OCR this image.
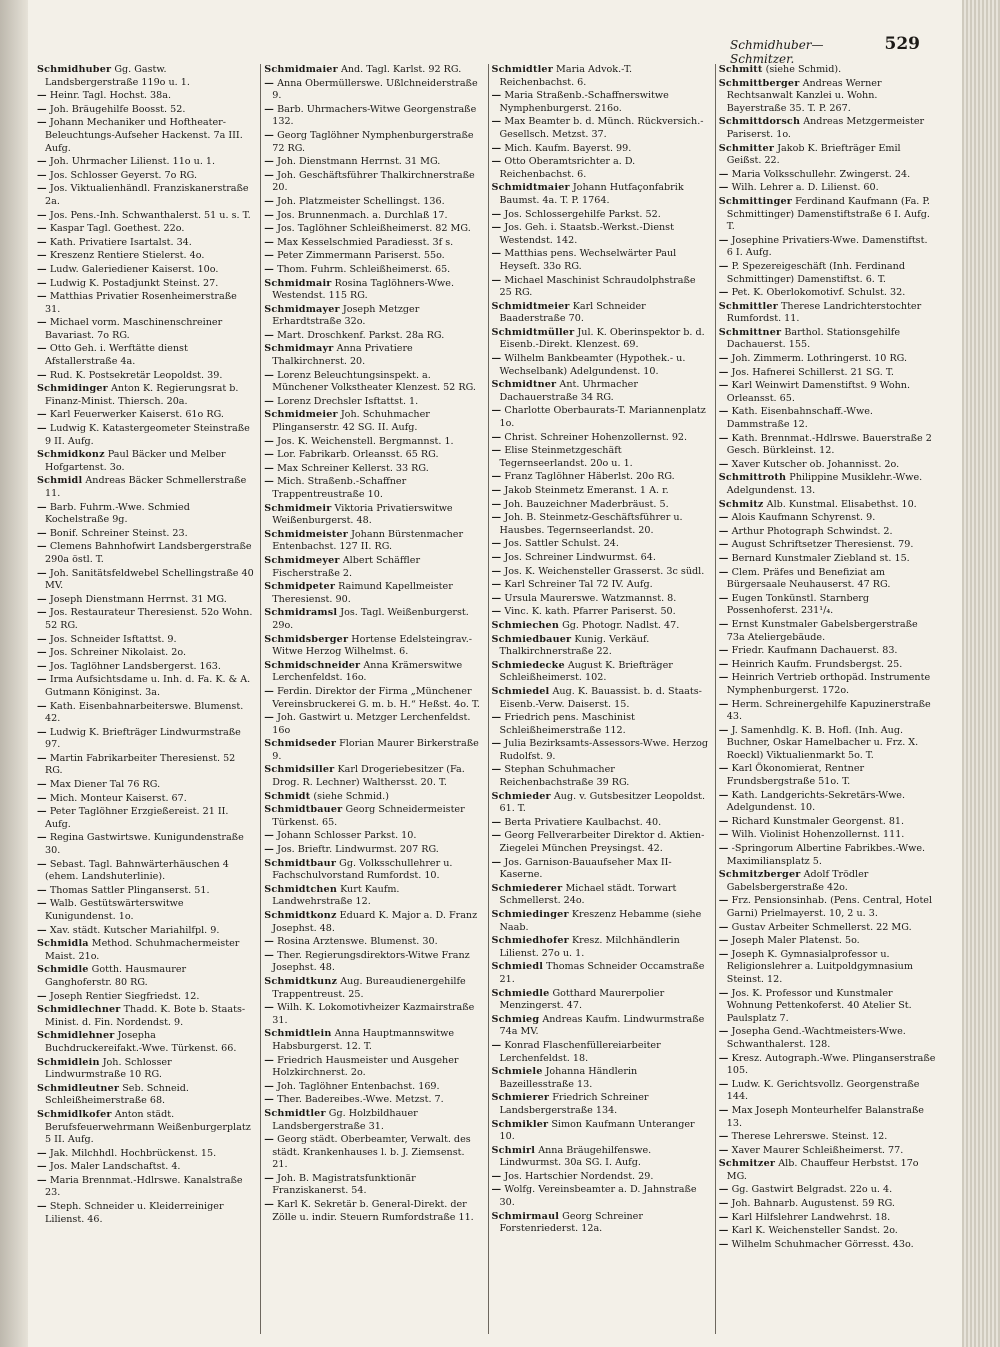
Schmidhuber—Schmitzer.
529
Schmidhuber Gg. Gastw. Landsbergerstraße 119o u. 1.
— Heinr. Tagl. Hochst. 38a.
— Joh. Bräugehilfe Boosst. 52.
— Johann Mechaniker und Hoftheater-Beleuchtungs-Aufseher Hackenst. 7a III. Aufg.
— Joh. Uhrmacher Lilienst. 11o u. 1.
— Jos. Schlosser Geyerst. 7o RG.
— Jos. Viktualienhändl. Franziskanerstraße 2a.
— Jos. Pens.-Inh. Schwanthalerst. 51 u. s. T.
— Kaspar Tagl. Goethest. 22o.
— Kath. Privatiere Isartalst. 34.
— Kreszenz Rentiere Stielerst. 4o.
— Ludw. Galeriediener Kaiserst. 10o.
— Ludwig K. Postadjunkt Steinst. 27.
— Matthias Privatier Rosenheimerstraße 31.
— Michael vorm. Maschinenschreiner Bavariast. 7o RG.
— Otto Geh. i. Werftätte dienst Afstallerstraße 4a.
— Rud. K. Postsekretär Leopoldst. 39.
Schmidinger Anton K. Regierungsrat b. Finanz-Minist. Thiersch. 20a.
— Karl Feuerwerker Kaiserst. 61o RG.
— Ludwig K. Katastergeometer Steinstraße 9 II. Aufg.
Schmidkonz Paul Bäcker und Melber Hofgartenst. 3o.
Schmidl Andreas Bäcker Schmellerstraße 11.
— Barb. Fuhrm.-Wwe. Schmied Kochelstraße 9g.
— Bonif. Schreiner Steinst. 23.
— Clemens Bahnhofwirt Landsbergerstraße 290a östl. T.
— Joh. Sanitätsfeldwebel Schellingstraße 40 MV.
— Joseph Dienstmann Herrnst. 31 MG.
— Jos. Restaurateur Theresienst. 52o Wohn. 52 RG.
— Jos. Schneider Isftattst. 9.
— Jos. Schreiner Nikolaist. 2o.
— Jos. Taglöhner Landsbergerst. 163.
— Irma Aufsichtsdame u. Inh. d. Fa. K. & A. Gutmann Königinst. 3a.
— Kath. Eisenbahnarbeiterswe. Blumenst. 42.
— Ludwig K. Briefträger Lindwurmstraße 97.
— Martin Fabrikarbeiter Theresienst. 52 RG.
— Max Diener Tal 76 RG.
— Mich. Monteur Kaiserst. 67.
— Peter Taglöhner Erzgießereist. 21 II. Aufg.
— Regina Gastwirtswe. Kunigundenstraße 30.
— Sebast. Tagl. Bahnwärterhäuschen 4 (ehem. Landshuterlinie).
— Thomas Sattler Plinganserst. 51.
— Walb. Gestütswärterswitwe Kunigundenst. 1o.
— Xav. städt. Kutscher Mariahilfpl. 9.
Schmidla Method. Schuhmachermeister Maist. 21o.
Schmidle Gotth. Hausmaurer Ganghoferstr. 80 RG.
— Joseph Rentier Siegfriedst. 12.
Schmidlechner Thadd. K. Bote b. Staats-Minist. d. Fin. Nordendst. 9.
Schmidlehner Josepha Buchdruckereifakt.-Wwe. Türkenst. 66.
Schmidlein Joh. Schlosser Lindwurmstraße 10 RG.
Schmidleutner Seb. Schneid. Schleißheimerstraße 68.
Schmidlkofer Anton städt. Berufsfeuerwehrmann Weißenburgerplatz 5 II. Aufg.
— Jak. Milchhdl. Hochbrückenst. 15.
— Jos. Maler Landschaftst. 4.
— Maria Brennmat.-Hdlrswe. Kanalstraße 23.
— Steph. Schneider u. Kleiderreiniger Lilienst. 46.
Schmidmaier And. Tagl. Karlst. 92 RG.
— Anna Obermüllerswe. Ußlchneiderstraße 9.
— Barb. Uhrmachers-Witwe Georgenstraße 132.
— Georg Taglöhner Nymphenburgerstraße 72 RG.
— Joh. Dienstmann Herrnst. 31 MG.
— Joh. Geschäftsführer Thalkirchnerstraße 20.
— Joh. Platzmeister Schellingst. 136.
— Jos. Brunnenmach. a. Durchlaß 17.
— Jos. Taglöhner Schleißheimerst. 82 MG.
— Max Kesselschmied Paradiesst. 3f s.
— Peter Zimmermann Pariserst. 55o.
— Thom. Fuhrm. Schleißheimerst. 65.
Schmidmair Rosina Taglöhners-Wwe. Westendst. 115 RG.
Schmidmayer Joseph Metzger Erhardtstraße 32o.
— Mart. Droschkenf. Parkst. 28a RG.
Schmidmayr Anna Privatiere Thalkirchnerst. 20.
— Lorenz Beleuchtungsinspekt. a. Münchener Volkstheater Klenzest. 52 RG.
— Lorenz Drechsler Isftattst. 1.
Schmidmeier Joh. Schuhmacher Plinganserstr. 42 SG. II. Aufg.
— Jos. K. Weichenstell. Bergmannst. 1.
— Lor. Fabrikarb. Orleansst. 65 RG.
— Max Schreiner Kellerst. 33 RG.
— Mich. Straßenb.-Schaffner Trappentreustraße 10.
Schmidmeir Viktoria Privatierswitwe Weißenburgerst. 48.
Schmidmeister Johann Bürstenmacher Entenbachst. 127 II. RG.
Schmidmeyer Albert Schäffler Fischerstraße 2.
Schmidpeter Raimund Kapellmeister Theresienst. 90.
Schmidramsl Jos. Tagl. Weißenburgerst. 29o.
Schmidsberger Hortense Edelsteingrav.-Witwe Herzog Wilhelmst. 6.
Schmidschneider Anna Krämerswitwe Lerchenfeldst. 16o.
— Ferdin. Direktor der Firma „Münchener Vereinsbruckerei G. m. b. H.“ Heßst. 4o. T.
— Joh. Gastwirt u. Metzger Lerchenfeldst. 16o
Schmidseder Florian Maurer Birkerstraße 9.
Schmidsiller Karl Drogeriebesitzer (Fa. Drog. R. Lechner) Walthersst. 20. T.
Schmidt (siehe Schmid.)
Schmidtbauer Georg Schneidermeister Türkenst. 65.
— Johann Schlosser Parkst. 10.
— Jos. Brieftr. Lindwurmst. 207 RG.
Schmidtbaur Gg. Volksschullehrer u. Fachschulvorstand Rumfordst. 10.
Schmidtchen Kurt Kaufm. Landwehrstraße 12.
Schmidtkonz Eduard K. Major a. D. Franz Josephst. 48.
— Rosina Arztenswe. Blumenst. 30.
— Ther. Regierungsdirektors-Witwe Franz Josephst. 48.
Schmidtkunz Aug. Bureaudienergehilfe Trappentreust. 25.
— Wilh. K. Lokomotivheizer Kazmairstraße 31.
Schmidtlein Anna Hauptmannswitwe Habsburgerst. 12. T.
— Friedrich Hausmeister und Ausgeher Holzkirchnerst. 2o.
— Joh. Taglöhner Entenbachst. 169.
— Ther. Badereibes.-Wwe. Metzst. 7.
Schmidtler Gg. Holzbildhauer Landsbergerstraße 31.
— Georg städt. Oberbeamter, Verwalt. des städt. Krankenhauses l. b. J. Ziemsenst. 21.
— Joh. B. Magistratsfunktionär Franziskanerst. 54.
— Karl K. Sekretär b. General-Direkt. der Zölle u. indir. Steuern Rumfordstraße 11.
Schmidtler Maria Advok.-T. Reichenbachst. 6.
— Maria Straßenb.-Schaffnerswitwe Nymphenburgerst. 216o.
— Max Beamter b. d. Münch. Rückversich.-Gesellsch. Metzst. 37.
— Mich. Kaufm. Bayerst. 99.
— Otto Oberamtsrichter a. D. Reichenbachst. 6.
Schmidtmaier Johann Hutfaçonfabrik Baumst. 4a. T. P. 1764.
— Jos. Schlossergehilfe Parkst. 52.
— Jos. Geh. i. Staatsb.-Werkst.-Dienst Westendst. 142.
— Matthias pens. Wechselwärter Paul Heyseſt. 33o RG.
— Michael Maschinist Schraudolphstraße 25 RG.
Schmidtmeier Karl Schneider Baaderstraße 70.
Schmidtmüller Jul. K. Oberinspektor b. d. Eisenb.-Direkt. Klenzest. 69.
— Wilhelm Bankbeamter (Hypothek.- u. Wechselbank) Adelgundenst. 10.
Schmidtner Ant. Uhrmacher Dachauerstraße 34 RG.
— Charlotte Oberbaurats-T. Mariannenplatz 1o.
— Christ. Schreiner Hohenzollernst. 92.
— Elise Steinmetzgeschäft Tegernseerlandst. 20o u. 1.
— Franz Taglöhner Häberlst. 20o RG.
— Jakob Steinmetz Emeranst. 1 A. r.
— Joh. Bauzeichner Maderbräust. 5.
— Joh. B. Steinmetz-Geschäftsführer u. Hausbes. Tegernseerlandst. 20.
— Jos. Sattler Schulst. 24.
— Jos. Schreiner Lindwurmst. 64.
— Jos. K. Weichensteller Grasserst. 3c südl.
— Karl Schreiner Tal 72 IV. Aufg.
— Ursula Maurerswe. Watzmannst. 8.
— Vinc. K. kath. Pfarrer Pariserst. 50.
Schmiechen Gg. Photogr. Nadlst. 47.
Schmiedbauer Kunig. Verkäuf. Thalkirchnerstraße 22.
Schmiedecke August K. Briefträger Schleißheimerst. 102.
Schmiedel Aug. K. Bauassist. b. d. Staats-Eisenb.-Verw. Daiserst. 15.
— Friedrich pens. Maschinist Schleißheimerstraße 112.
— Julia Bezirksamts-Assessors-Wwe. Herzog Rudolfst. 9.
— Stephan Schuhmacher Reichenbachstraße 39 RG.
Schmieder Aug. v. Gutsbesitzer Leopoldst. 61. T.
— Berta Privatiere Kaulbachst. 40.
— Georg Fellverarbeiter Direktor d. Aktien-Ziegelei München Preysingst. 42.
— Jos. Garnison-Bauaufseher Max II-Kaserne.
Schmiederer Michael städt. Torwart Schmellerst. 24o.
Schmiedinger Kreszenz Hebamme (siehe Naab.
Schmiedhofer Kresz. Milchhändlerin Lilienst. 27o u. 1.
Schmiedl Thomas Schneider Occamstraße 21.
Schmiedle Gotthard Maurerpolier Menzingerst. 47.
Schmieg Andreas Kaufm. Lindwurmstraße 74a MV.
— Konrad Flaschenfüllereiarbeiter Lerchenfeldst. 18.
Schmiele Johanna Händlerin Bazeillesstraße 13.
Schmierer Friedrich Schreiner Landsbergerstraße 134.
Schmikler Simon Kaufmann Unteranger 10.
Schmirl Anna Bräugehilfenswe. Lindwurmst. 30a SG. I. Aufg.
— Jos. Hartschier Nordendst. 29.
— Wolfg. Vereinsbeamter a. D. Jahnstraße 30.
Schmirmaul Georg Schreiner Forstenriederst. 12a.
Schmitt (siehe Schmid).
Schmittberger Andreas Werner Rechtsanwalt Kanzlei u. Wohn. Bayerstraße 35. T. P. 267.
Schmittdorsch Andreas Metzgermeister Pariserst. 1o.
Schmitter Jakob K. Briefträger Emil Geißst. 22.
— Maria Volksschullehr. Zwingerst. 24.
— Wilh. Lehrer a. D. Lilienst. 60.
Schmittinger Ferdinand Kaufmann (Fa. P. Schmittinger) Damenstiftstraße 6 I. Aufg. T.
— Josephine Privatiers-Wwe. Damenstiftst. 6 I. Aufg.
— P. Spezereigeschäft (Inh. Ferdinand Schmittinger) Damenstiftst. 6. T.
— Pet. K. Oberlokomotivf. Schulst. 32.
Schmittler Therese Landrichterstochter Rumfordst. 11.
Schmittner Barthol. Stationsgehilfe Dachauerst. 155.
— Joh. Zimmerm. Lothringerst. 10 RG.
— Jos. Hafnerei Schillerst. 21 SG. T.
— Karl Weinwirt Damenstiftst. 9 Wohn. Orleansst. 65.
— Kath. Eisenbahnschaff.-Wwe. Dammstraße 12.
— Kath. Brennmat.-Hdlrswe. Bauerstraße 2 Gesch. Bürkleinst. 12.
— Xaver Kutscher ob. Johannisst. 2o.
Schmittroth Philippine Musiklehr.-Wwe. Adelgundenst. 13.
Schmitz Alb. Kunstmal. Elisabethst. 10.
— Alois Kaufmann Schyrenst. 9.
— Arthur Photograph Schwindst. 2.
— August Schriftsetzer Theresienst. 79.
— Bernard Kunstmaler Ziebland st. 15.
— Clem. Präfes und Benefiziat am Bürgersaale Neuhauserst. 47 RG.
— Eugen Tonkünstl. Starnberg Possenhoferst. 231¹/₄.
— Ernst Kunstmaler Gabelsbergerstraße 73a Ateliergebäude.
— Friedr. Kaufmann Dachauerst. 83.
— Heinrich Kaufm. Frundsbergst. 25.
— Heinrich Vertrieb orthopäd. Instrumente Nymphenburgerst. 172o.
— Herm. Schreinergehilfe Kapuzinerstraße 43.
— J. Samenhdlg. K. B. Hofl. (Inh. Aug. Buchner, Oskar Hamelbacher u. Frz. X. Roeckl) Viktualienmarkt 5o. T.
— Karl Ökonomierat, Rentner Frundsbergstraße 51o. T.
— Kath. Landgerichts-Sekretärs-Wwe. Adelgundenst. 10.
— Richard Kunstmaler Georgenst. 81.
— Wilh. Violinist Hohenzollernst. 111.
— -Springorum Albertine Fabrikbes.-Wwe. Maximiliansplatz 5.
Schmitzberger Adolf Trödler Gabelsbergerstraße 42o.
— Frz. Pensionsinhab. (Pens. Central, Hotel Garni) Prielmayerst. 10, 2 u. 3.
— Gustav Arbeiter Schmellerst. 22 MG.
— Joseph Maler Platenst. 5o.
— Joseph K. Gymnasialprofessor u. Religionslehrer a. Luitpoldgymnasium Steinst. 12.
— Jos. K. Professor und Kunstmaler Wohnung Pettenkoferst. 40 Atelier St. Paulsplatz 7.
— Josepha Gend.-Wachtmeisters-Wwe. Schwanthalerst. 128.
— Kresz. Autograph.-Wwe. Plinganserstraße 105.
— Ludw. K. Gerichtsvollz. Georgenstraße 144.
— Max Joseph Monteurhelfer Balanstraße 13.
— Therese Lehrerswe. Steinst. 12.
— Xaver Maurer Schleißheimerst. 77.
Schmitzer Alb. Chauffeur Herbstst. 17o MG.
— Gg. Gastwirt Belgradst. 22o u. 4.
— Joh. Bahnarb. Augustenst. 59 RG.
— Karl Hilfslehrer Landwehrst. 18.
— Karl K. Weichensteller Sandst. 2o.
— Wilhelm Schuhmacher Görresst. 43o.
